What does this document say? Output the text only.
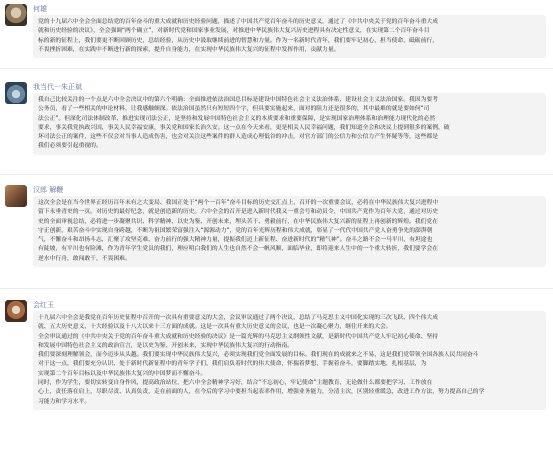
何雄

党的十九届六中全会全面总结党的百年奋斗的重大成就和历史经验问题，描述了中国共产党百年奋斗的历史意义，通过了《中共中央关于党的百年奋斗重大成

就和历史经验的决议》，全会强调“两个确立”，对新时代党和国家事业发展，对推进中华民族伟大复兴历史进程具有决定性意义，在实现第二个百年奋斗目

标的新的征程上，我们要更不断回顾历史，总结经验，从历史中汲取继续前进的智慧和力量。作为一名新时代青年，我们要牢记初心，担当使命，砥砺前行，

不畏挫折困难，在实践中不断进行新的探索，提升自身能力，在实现中华民族伟大复兴的征程中发挥作用，贡献力量。

我当代一朱正斌

我自己比较关注的一个点是六中全会决议中的第六个明确：全面推进依法治国总目标是建设中国特色社会主义法治体系，建设社会主义法治国家。我因为要考

公务员，看了一些相关的申论材料，让我感触颇深。依法治国虽然只有短短四个字，但具要实施起来，面对的阻力还是很多的，其中最难的就是要如何“司

法公正”。但深化司法体制改革，推进实现司法公正，是坚持和发展中国特色社会主义的本质要求和重要保障，是实现国家治理体系和治理能力现代化的必然

要求，事关我党执政兴国，事关人民幸福安康，事关党和国家长治久安。这一点在今天来看，更是相关人民幸福问题，我们知道全会和决议上提到很多的案例，破

坏司法公正的案件，这些不仅会对当事人造成伤害，也会对关注这些案件的群人造成心理低谷的冲击，对官方部门的公信力和公信力产生怀疑等等，这些都是

我们必须要引起重视的。

汉郎 解鞭

这次全会是在当今世界正经历百年未有之大变局、我国正处于“两个一百年”奋斗目标的历史交汇点上，召开的一次重要会议，必将在中华民族伟大复兴进程中

留下永垂青史的一页。对历史的最好纪念，就是创造新的历史。六中全会的召开是进入新时代我又一重会号和动员令，中国共产党作为百年大党，通过对历史

史的全面审视总结，必将进一步凝聚共识、科学精神、以史为鉴、开创未来，埋头苦干、勇毅前行，在中华民族伟大复兴新的征程上再创新的辉煌。我们党在

守正创新，艰苦奋斗中实现自身跨越，不断为祖国繁荣富强注入“源源动力”，党的百年光辉历程和伟大成就，彰显了一代代中国共产党人奋勇争先的澎湃朝

气，不懈奋斗和昂扬斗志，汇聚了攻坚克难、奋力前行的强大精神力量，提振我们迈上新征程、奋进新时代的“精气神”。奋斗之路不会一马平川，有坦途也

有陡坡，有平川也有险滩，作为青年学生党员的我们，理应明白我们的人生也自然不会一帆风顺，面临毕业，即将迎来人生中的一个重大转折，我们要学会在

逆水中行舟，敢闯敢干，不畏困难。

会红玉

十九届六中全会是我党在百年历史征程中召开的一次具有重要意义的大会，会议审议通过了两个决议，总结了马克思主义中国化实现的三次飞跃、四个伟大成

就、五大历史意义、十大经验以及十八大以来十三方面的成就。这是一次具有重大历史意义的会议，也是一次凝心聚力，继往开来的大会。

全会审议通过的《中共中央关于党的百年奋斗重大成就和历史经验的决议》是一篇光辉的马克思主义纲领性文献，是新时代中国共产党人牢记初心使命、坚持

和发展中国特色社会主义的政治宣言，是以史为鉴、开创未来，实现中华民族伟大复兴的行动指南。

我们要深刻理解领会，而今迈步从头越。我们要实现中华民族伟大复兴，必须实现我们党全面发展的目标。我们现在的成就来之不易，这是我们党带领全国各族人民共同奋斗

对于这一点，我们要充分认识、处于新时代新征程中的青年学子们，我们肩负着时代的伟大使命，怀揣着梦想，手握着奋斗，要脚踏实地，扎根基层，为

实现第二个百年目标以及中华民族伟大复兴的中国梦而不懈奋斗。

同时，作为学生，要切实转变自身作风，提高政治站位，把六中全会精神学习好，结合“不忘初心，牢记使命”主题教育，无论做什么都要把学习、工作放在

心上，责任落在肩上，尽职尽责、认真负责，走在前面的人，在今后的学习中要担当起表率作用，增强业务能力，分清主次，区别轻重缓急，改进工作方法，努力提高自己的学

习能力和学习水平。
